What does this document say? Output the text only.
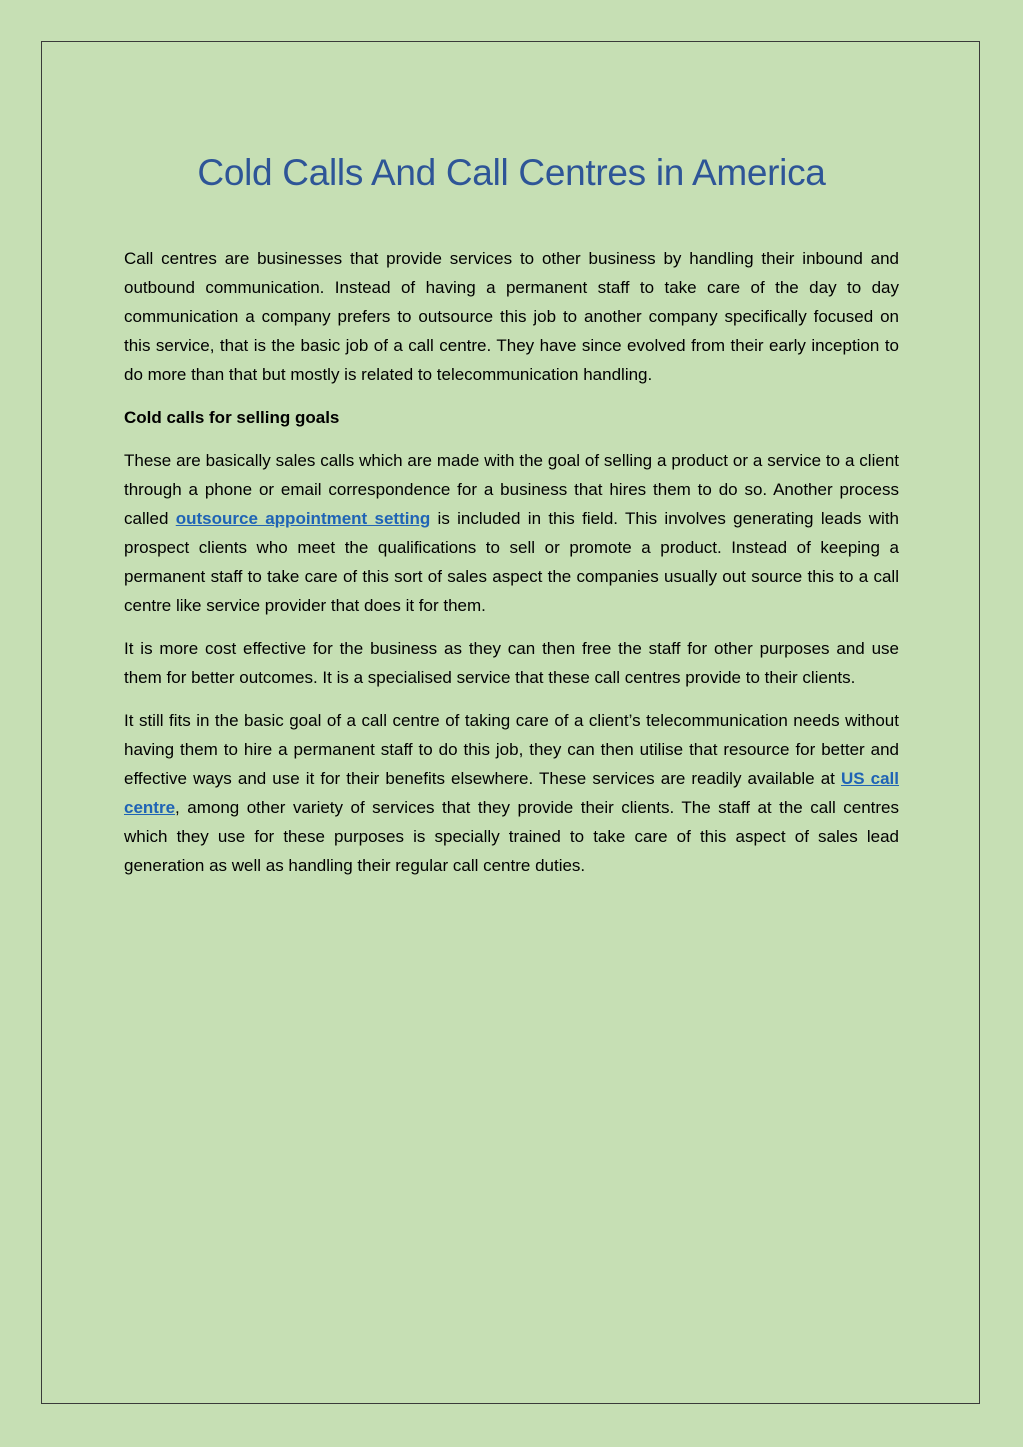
Cold Calls And Call Centres in America

Call centres are businesses that provide services to other business by handling their inbound and outbound communication. Instead of having a permanent staff to take care of the day to day communication a company prefers to outsource this job to another company specifically focused on this service, that is the basic job of a call centre. They have since evolved from their early inception to do more than that but mostly is related to telecommunication handling.

Cold calls for selling goals

These are basically sales calls which are made with the goal of selling a product or a service to a client through a phone or email correspondence for a business that hires them to do so. Another process called outsource appointment setting is included in this field. This involves generating leads with prospect clients who meet the qualifications to sell or promote a product. Instead of keeping a permanent staff to take care of this sort of sales aspect the companies usually out source this to a call centre like service provider that does it for them.

It is more cost effective for the business as they can then free the staff for other purposes and use them for better outcomes. It is a specialised service that these call centres provide to their clients.

It still fits in the basic goal of a call centre of taking care of a client’s telecommunication needs without having them to hire a permanent staff to do this job, they can then utilise that resource for better and effective ways and use it for their benefits elsewhere. These services are readily available at US call centre, among other variety of services that they provide their clients. The staff at the call centres which they use for these purposes is specially trained to take care of this aspect of sales lead generation as well as handling their regular call centre duties.
